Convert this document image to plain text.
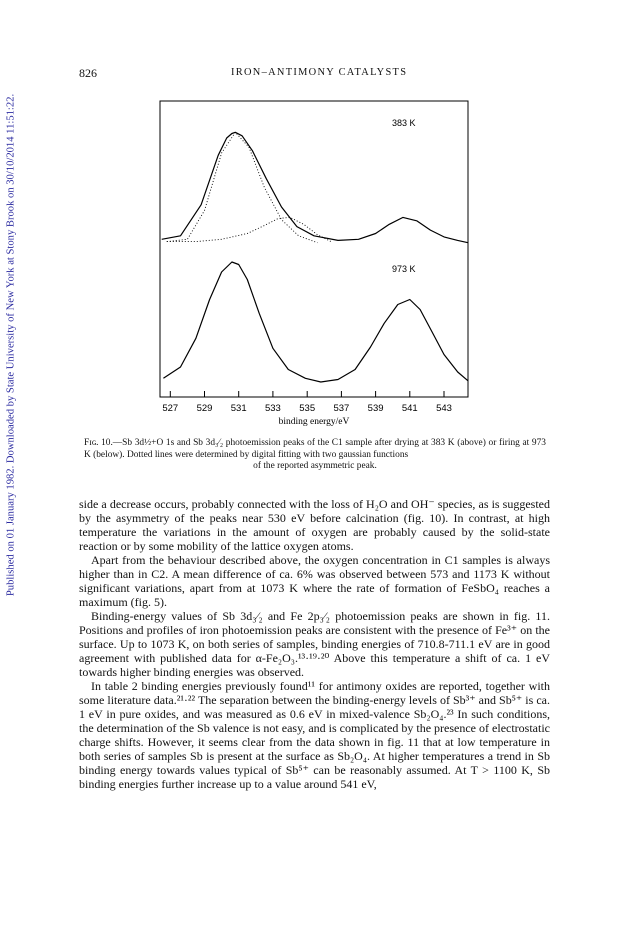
Published on 01 January 1982. Downloaded by State University of New York at Stony Brook on 30/10/2014 11:51:22.
826	IRON–ANTIMONY CATALYSTS
527 529 531 533 535 537 539 541 543
383 K
973 K
binding energy/eV
Fɪɢ. 10.—Sb 3d½+O 1s and Sb 3d₃⁄₂ photoemission peaks of the C1 sample after drying at 383 K (above) or firing at 973 K (below). Dotted lines were determined by digital fitting with two gaussian functions
of the reported asymmetric peak.

side a decrease occurs, probably connected with the loss of H₂O and OH⁻ species, as is suggested by the asymmetry of the peaks near 530 eV before calcination (fig. 10). In contrast, at high temperature the variations in the amount of oxygen are probably caused by the solid-state reaction or by some mobility of the lattice oxygen atoms.

Apart from the behaviour described above, the oxygen concentration in C1 samples is always higher than in C2. A mean difference of ca. 6% was observed between 573 and 1173 K without significant variations, apart from at 1073 K where the rate of formation of FeSbO₄ reaches a maximum (fig. 5).

Binding-energy values of Sb 3d₃⁄₂ and Fe 2p₃⁄₂ photoemission peaks are shown in fig. 11. Positions and profiles of iron photoemission peaks are consistent with the presence of Fe³⁺ on the surface. Up to 1073 K, on both series of samples, binding energies of 710.8-711.1 eV are in good agreement with published data for α-Fe₂O₃.¹³·¹⁹·²⁰ Above this temperature a shift of ca. 1 eV towards higher binding energies was observed.

In table 2 binding energies previously found¹¹ for antimony oxides are reported, together with some literature data.²¹·²² The separation between the binding-energy levels of Sb³⁺ and Sb⁵⁺ is ca. 1 eV in pure oxides, and was measured as 0.6 eV in mixed-valence Sb₂O₄.²³ In such conditions, the determination of the Sb valence is not easy, and is complicated by the presence of electrostatic charge shifts. However, it seems clear from the data shown in fig. 11 that at low temperature in both series of samples Sb is present at the surface as Sb₂O₄. At higher temperatures a trend in Sb binding energy towards values typical of Sb⁵⁺ can be reasonably assumed. At T > 1100 K, Sb binding energies further increase up to a value around 541 eV,
